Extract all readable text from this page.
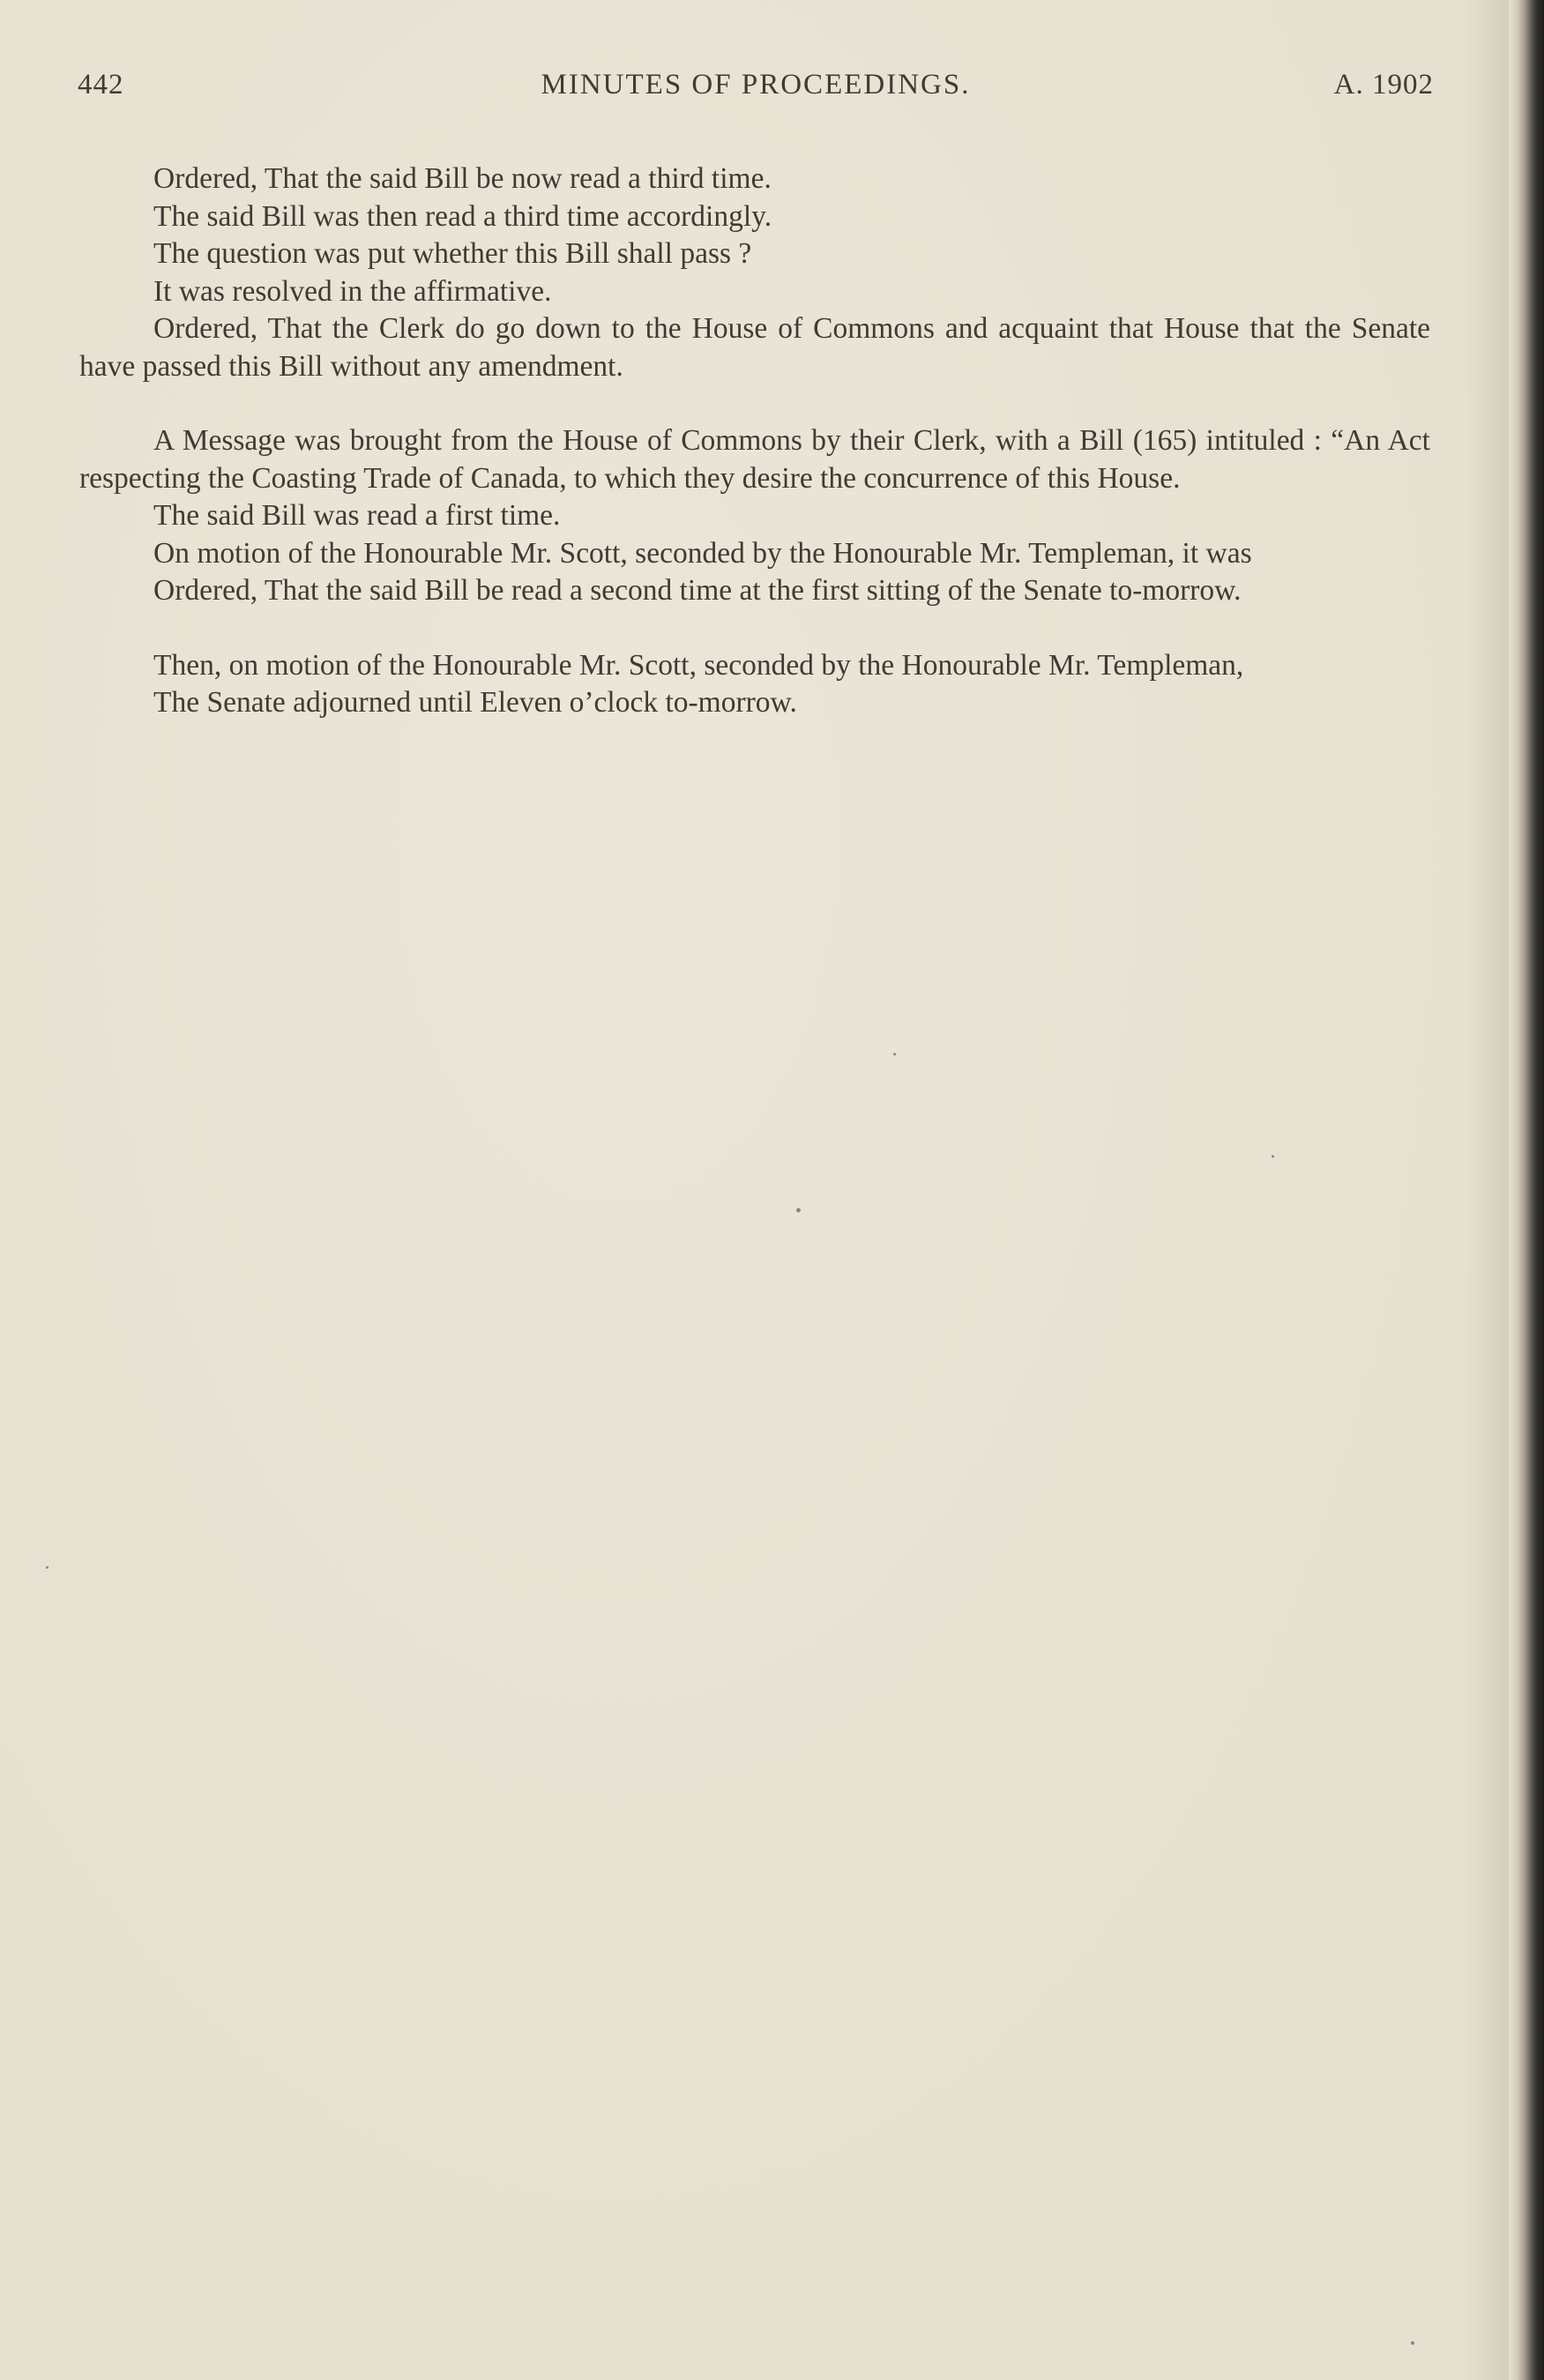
442	MINUTES OF PROCEEDINGS.	A. 1902

Ordered, That the said Bill be now read a third time.

The said Bill was then read a third time accordingly.

The question was put whether this Bill shall pass ?

It was resolved in the affirmative.

Ordered, That the Clerk do go down to the House of Commons and acquaint that House that the Senate have passed this Bill without any amendment.

A Message was brought from the House of Commons by their Clerk, with a Bill (165) intituled : “An Act respecting the Coasting Trade of Canada, to which they desire the concurrence of this House.

The said Bill was read a first time.

On motion of the Honourable Mr. Scott, seconded by the Honourable Mr. Templeman, it was

Ordered, That the said Bill be read a second time at the first sitting of the Senate to-morrow.

Then, on motion of the Honourable Mr. Scott, seconded by the Honourable Mr. Templeman,

The Senate adjourned until Eleven o’clock to-morrow.
